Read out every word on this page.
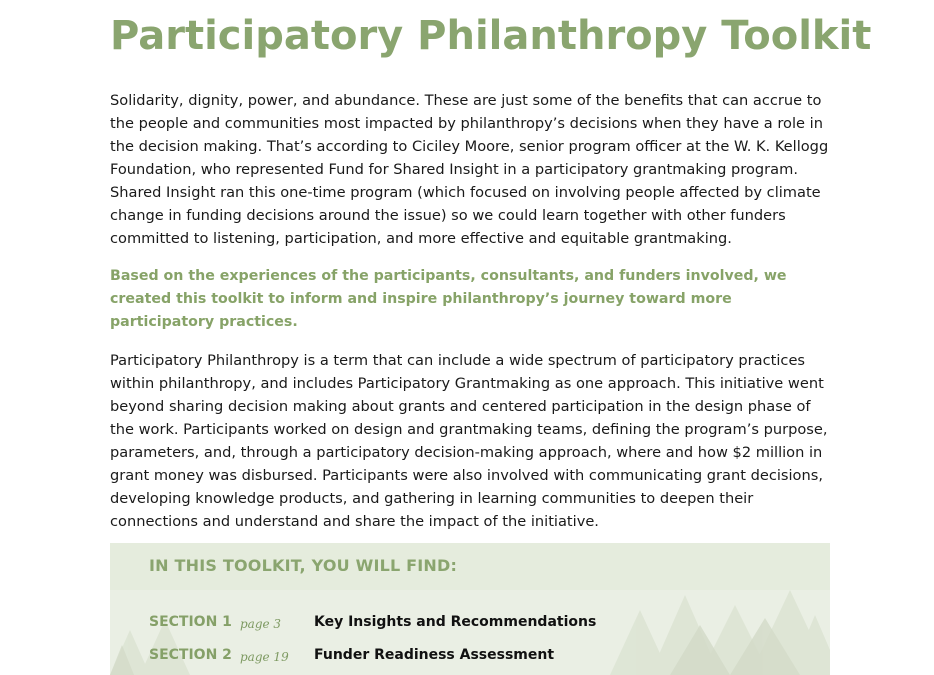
Participatory Philanthropy Toolkit

Solidarity, dignity, power, and abundance. These are just some of the benefits that can accrue to the people and communities most impacted by philanthropy’s decisions when they have a role in the decision making. That’s according to Ciciley Moore, senior program officer at the W. K. Kellogg Foundation, who represented Fund for Shared Insight in a participatory grantmaking program. Shared Insight ran this one-time program (which focused on involving people affected by climate change in funding decisions around the issue) so we could learn together with other funders committed to listening, participation, and more effective and equitable grantmaking.

Based on the experiences of the participants, consultants, and funders involved, we created this toolkit to inform and inspire philanthropy’s journey toward more participatory practices.

Participatory Philanthropy is a term that can include a wide spectrum of participatory practices within philanthropy, and includes Participatory Grantmaking as one approach. This initiative went beyond sharing decision making about grants and centered participation in the design phase of the work. Participants worked on design and grantmaking teams, defining the program’s purpose, parameters, and, through a participatory decision-making approach, where and how $2 million in grant money was disbursed. Participants were also involved with communicating grant decisions, developing knowledge products, and gathering in learning communities to deepen their connections and understand and share the impact of the initiative.

IN THIS TOOLKIT, YOU WILL FIND:
SECTION 1 page 3 Key Insights and Recommendations
SECTION 2 page 19 Funder Readiness Assessment
